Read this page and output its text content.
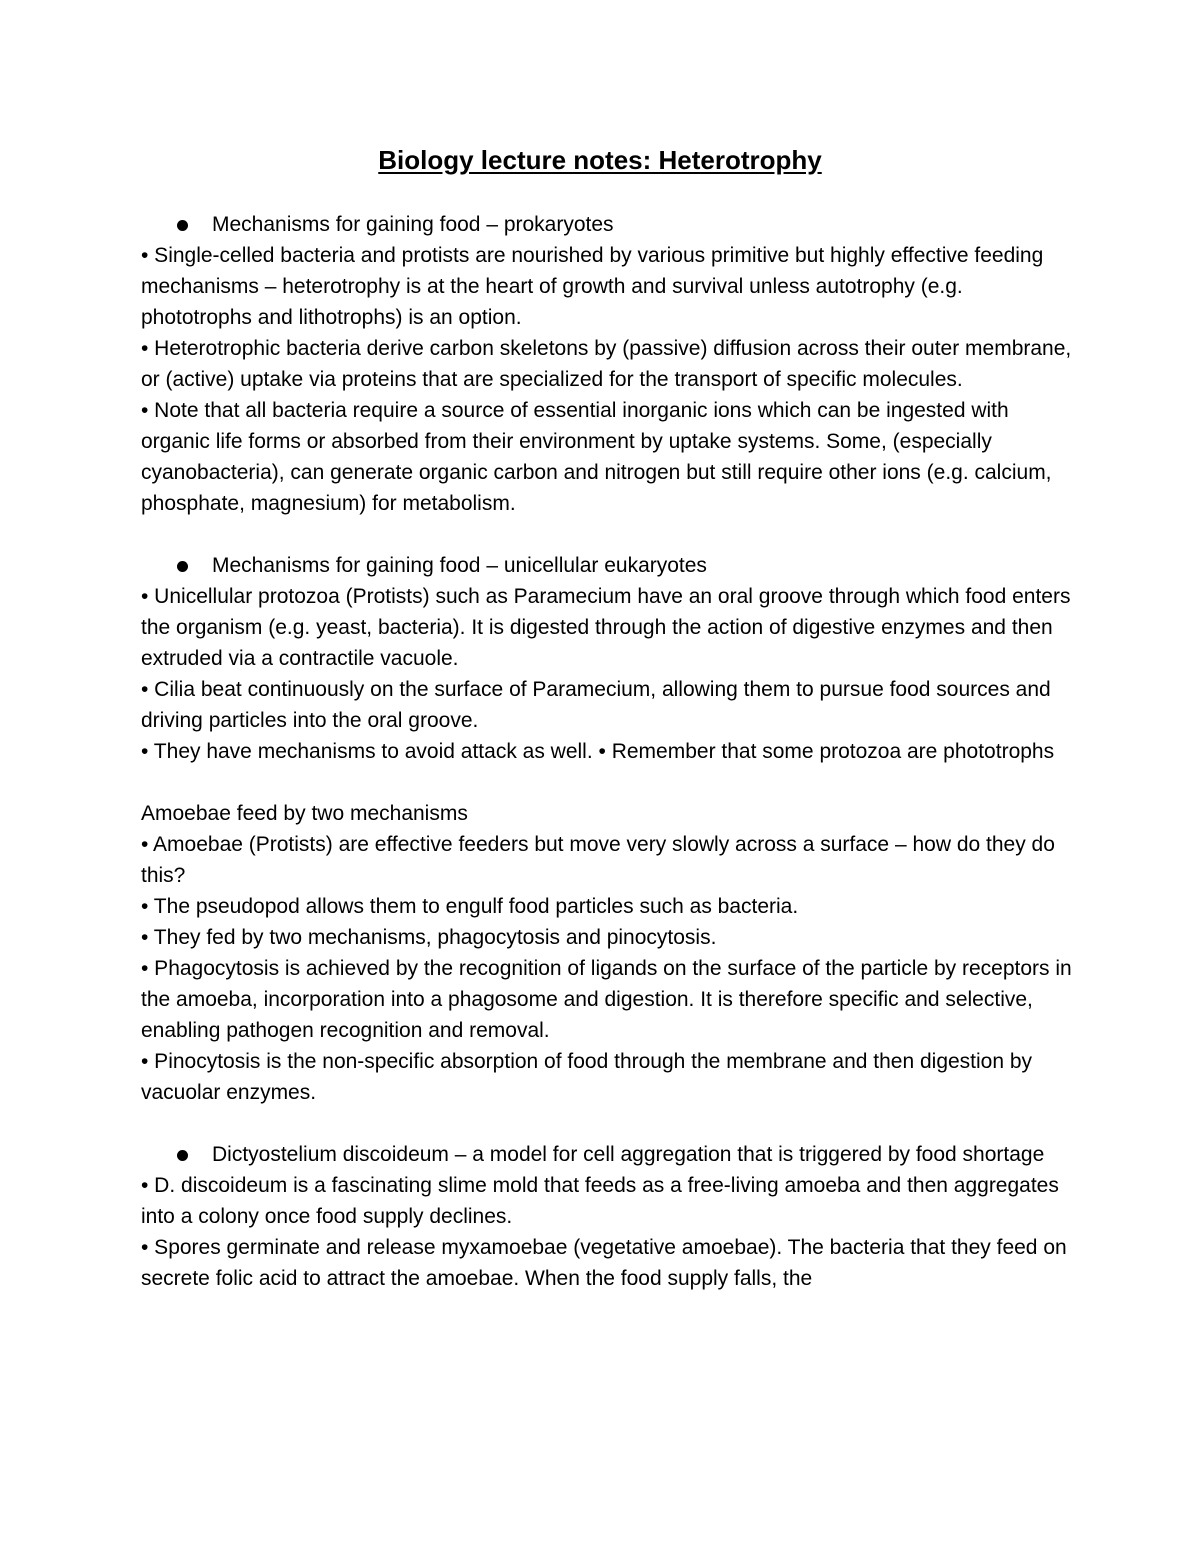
Biology lecture notes: Heterotrophy
Mechanisms for gaining food – prokaryotes

• Single-celled bacteria and protists are nourished by various primitive but highly effective feeding mechanisms – heterotrophy is at the heart of growth and survival unless autotrophy (e.g. phototrophs and lithotrophs) is an option.

• Heterotrophic bacteria derive carbon skeletons by (passive) diffusion across their outer membrane, or (active) uptake via proteins that are specialized for the transport of specific molecules.

• Note that all bacteria require a source of essential inorganic ions which can be ingested with organic life forms or absorbed from their environment by uptake systems. Some, (especially cyanobacteria), can generate organic carbon and nitrogen but still require other ions (e.g. calcium, phosphate, magnesium) for metabolism.

Mechanisms for gaining food – unicellular eukaryotes

• Unicellular protozoa (Protists) such as Paramecium have an oral groove through which food enters the organism (e.g. yeast, bacteria). It is digested through the action of digestive enzymes and then extruded via a contractile vacuole.

• Cilia beat continuously on the surface of Paramecium, allowing them to pursue food sources and driving particles into the oral groove.

• They have mechanisms to avoid attack as well. • Remember that some protozoa are phototrophs

Amoebae feed by two mechanisms

• Amoebae (Protists) are effective feeders but move very slowly across a surface – how do they do this?

• The pseudopod allows them to engulf food particles such as bacteria.

• They fed by two mechanisms, phagocytosis and pinocytosis.

• Phagocytosis is achieved by the recognition of ligands on the surface of the particle by receptors in the amoeba, incorporation into a phagosome and digestion. It is therefore specific and selective, enabling pathogen recognition and removal.

• Pinocytosis is the non-specific absorption of food through the membrane and then digestion by vacuolar enzymes.

Dictyostelium discoideum – a model for cell aggregation that is triggered by food shortage

• D. discoideum is a fascinating slime mold that feeds as a free-living amoeba and then aggregates into a colony once food supply declines.

• Spores germinate and release myxamoebae (vegetative amoebae). The bacteria that they feed on secrete folic acid to attract the amoebae. When the food supply falls, the
